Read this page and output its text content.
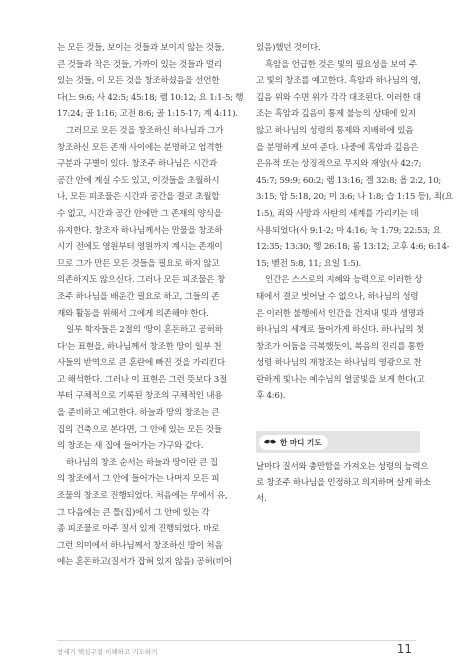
는 모든 것들, 보이는 것들과 보이지 않는 것들,
큰 것들과 작은 것들, 가까이 있는 것들과 멀리
있는 것들, 이 모든 것을 창조하셨음을 선언한
다(느 9:6; 사 42:5; 45:18; 렘 10:12; 요 1:1-5; 행
17:24; 골 1:16; 고전 8:6; 골 1:15-17; 계 4:11).
그러므로 모든 것을 창조하신 하나님과 그가
창조하신 모든 존재 사이에는 분명하고 엄격한
구분과 구별이 있다. 창조주 하나님은 시간과
공간 안에 계실 수도 있고, 이것들을 초월하시
나, 모든 피조물은 시간과 공간을 결코 초월할
수 없고, 시간과 공간 안에만 그 존재의 양식을
유지한다. 창조자 하나님께서는 만물을 창조하
시기 전에도 영원부터 영원까지 계시는 존재이
므로 그가 만든 모든 것들을 필요로 하지 않고
의존하지도 않으신다. 그러나 모든 피조물은 창
조주 하나님을 배운간 필요로 하고, 그들의 존
재와 활동을 위해서 그에게 의존해야 한다.
일부 학자들은 2절의 '땅이 혼돈하고 공허하
다'는 표현을, 하나님께서 창조한 땅이 일부 천
사들의 반역으로 큰 혼란에 빠진 것을 가리킨다
고 해석한다. 그러나 이 표현은 그런 뜻보다 3절
부터 구체적으로 기록된 창조의 구체적인 내용
을 준비하고 예고한다. 하늘과 땅의 창조는 큰
집의 건축으로 본다면, 그 안에 있는 모든 것들
의 창조는 새 집에 들어가는 가구와 같다.
하나님의 창조 순서는 하늘과 땅이란 큰 집
의 창조에서 그 안에 들어가는 나머지 모든 피
조물의 창조로 진행되었다. 처음에는 무에서 유,
그 다음에는 큰 틀(집)에서 그 안에 있는 각
종 피조물로 아주 질서 있게 진행되었다. 바로
그런 의미에서 하나님께서 창조하신 땅이 처음
에는 혼돈하고(질서가 잡혀 있지 않음) 공허(비어
있음)했던 것이다.
흑암을 언급한 것은 빛의 필요성을 보여 주
고 빛의 창조를 예고한다. 흑암과 하나님의 영,
깊음 위와 수면 위가 각각 대조된다. 이러한 대
조는 흑암과 깊음이 통제 불능의 상태에 있지
않고 하나님의 성령의 통제와 지배하에 있음
을 분명하게 보여 준다. 나중에 흑암과 깊음은
은유적 또는 상징적으로 무지와 재앙(사 42:7;
45:7; 59:9; 60:2; 렘 13:16; 겔 32:8; 욜 2:2, 10;
3:15; 암 5:18, 20; 미 3:6; 나 1:8; 습 1:15 등), 죄(요
1:5), 죄와 사망과 사탄의 세계를 가리키는 데
사용되었다(사 9:1-2; 마 4:16; 눅 1:79; 22:53; 요
12:35; 13:30; 행 26:18; 롬 13:12; 고후 4:6; 6:14-
15; 벧전 5:8, 11; 요일 1:5).
인간은 스스로의 지혜와 능력으로 이러한 상
태에서 결코 벗어날 수 없으나, 하나님의 성령
은 이러한 불행에서 인간을 건져내 빛과 생명과
하나님의 세계로 들어가게 하신다. 하나님의 첫
창조가 어둠을 극복했듯이, 복음의 진리를 통한
성령 하나님의 재창조는 하나님의 영광으로 찬
란하게 빛나는 예수님의 얼굴빛을 보게 한다(고
후 4:6).
한 마디 기도
날마다 질서와 충만함을 가져오는 성령의 능력으
로 창조주 하나님을 인정하고 의지하며 살게 하소
서.
창세기 핵심구절 이해하고 기도하기	11
